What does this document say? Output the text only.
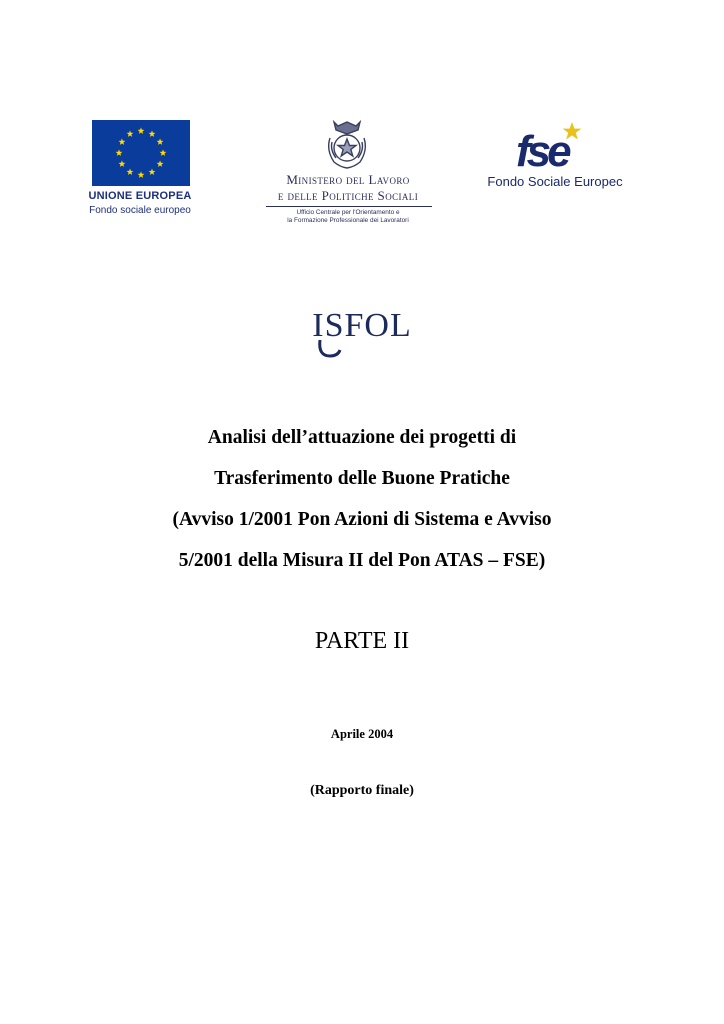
UNIONE EUROPEA
Fondo sociale europeo
Ministero del Lavoro
e delle Politiche Sociali
Ufficio Centrale per l'Orientamento e
la Formazione Professionale dei Lavoratori
fse
Fondo Sociale Europec
ISFOL
Analisi dell’attuazione dei progetti di
Trasferimento delle Buone Pratiche
(Avviso 1/2001 Pon Azioni di Sistema e Avviso
5/2001 della Misura II del Pon ATAS – FSE)
PARTE II
Aprile 2004
(Rapporto finale)
